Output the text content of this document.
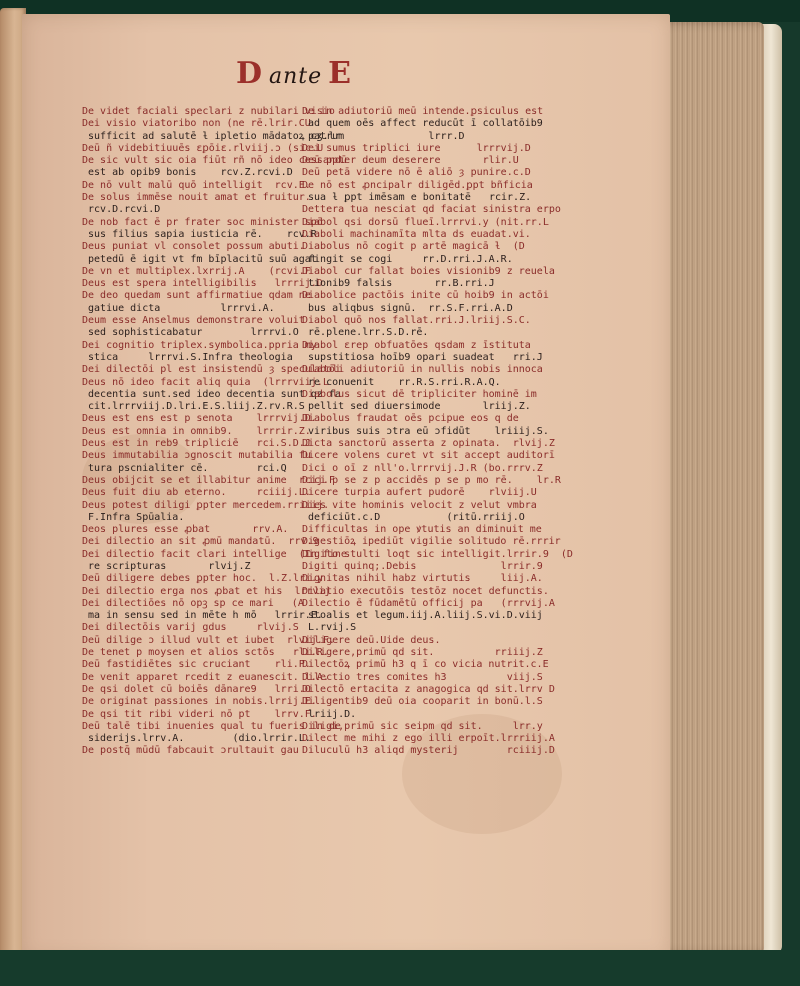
D ante E
De videt faciali speclari z nubilari visio
Dei visio viatoribo non (ne rē.lrir.CU
sufficit ad salutē ƚ ipletio mādatoꝝ cʒ.lr
Deū ñ videbitiuuēs ɛꝑōiɛ.rlviij.ɔ (sic.U
De sic vult sic oia fiūt rñ nō ideo cessandū
est ab opib9 bonis    rcv.Z.rcvi.D
De nō vult malū quō intelligit  rcv.E.
De solus immēse nouit amat et fruitur.
rcv.D.rcvi.D
De nob fact ē pr frater soc minister spō
sus filius sapia iusticia rē.    rcv.R
Deus puniat vl consolet possum abuti.
petedū ē igit vt fm bīplacitū suū agat
De vn et multiplex.lxrrij.A    (rcvi.F
Deus est spera intelligibilis   lrrrij.D
De deo quedam sunt affirmatiue qdam ne
gatiue dicta          lrrrvi.A.
Deum esse Anselmus demonstrare voluit
sed sophisticabatur        lrrrvi.O
Dei cognitio triplex.symbolica.ppria my
stica     lrrrvi.S.Infra theologia
Dei dilectōi pl est insistendū ȝ speculatōi
Deus nō ideo facit aliq quia  (lrrrviij.L
decentia sunt.sed ideo decentia sunt qz fa
cit.lrrrviij.D.lri.E.S.liij.Z.rv.R.S
Deus est ens est p senota    lrrrvij.D.
Deus est omnia in omnib9.    lrrrir.Z.
Deus est in reb9 tripliciē   rci.S.D.J
Deus immutabilia ɔgnoscit mutabilia fu
tura pscnialiter cē.        rci.Q
Deus obijcit se et illabitur anime  rcij.F
Deus fuit diu ab eterno.     rciiij.L.
Deus potest diligi ꝑpter mercedem.rriiij.
F.Infra Spūalia.
Deos plures esse ꝓbat       rrv.A.
Dei dilectio an sit ꝓmū mandatū.  rrv.9
Dei dilectio facit clari intellige  (In fine
re scripturas       rlvij.Z
Deū diligere debes ꝑpter hoc.  l.Z.lri.y
Dei dilectio erga nos ꝓbat et his  lrrvij
Dei dilectiōes nō opꝫ sp ce mari   (A
ma in sensu sed in mēte h mō   lrrir.E.
Dei dilectōis varij gdus     rlvij.S
Deū dilige ɔ illud vult et iubet  rlvij.F.
De tenet p moysen et alios sctōs   rli.R.
Deū fastidiētes sic cruciant    rli.P.
De venit apparet rcedit z euanescit. l.A.
De qsi dolet cū boiēs dānare9   lrri.O
De originat passiones in nobis.lrrij.E.
De qsi tit ribi videri nō pt    lrrv.F.
Deū talē tibi inuenies qual tu fueris in de
siderijs.lrrv.A.        (dio.lrrir.L.
De postq̄ mūdū fabcauit ɔrultauit gau
De in adiutoriū meū intende.ꝑsiculus est
ad quem oēs affect reducūt ī collatōib9
patrum              lrrr.D
Dei sumus triplici iure      lrrrvij.D
Deū ppter deum deserere       rlir.U
Deū petā videre nō ē aliō ȝ punire.c.D
De nō est ꝓncipalr diligēd.ꝑpt bñficia
sua ƚ ꝑpt imēsam e bonitatē   rcir.Z.
Dettera tua nesciat qd faciat sinistra erpo
Diabol qsi dorsū flueī.lrrrvi.y (nit.rr.L
Diaboli machinamīta mlta ds euadat.vi.
Diabolus nō cogit p artē magicā ƚ  (D
fingit se cogi     rr.D.rri.J.A.R.
Diabol cur fallat boies visionib9 z reuela
tionib9 falsis       rr.B.rri.J
Diabolice pactōis inite cū hoib9 in actōi
bus aliqbus signū.  rr.S.F.rri.A.D
Diabol quō nos fallat.rri.J.lriij.S.C.
rē.plene.lrr.S.D.rē.
Diabol ɛrep obfuatōes qsdam z īstituta
supstitiosa hoīb9 opari suadeat   rri.J
Diaboli adiutoriū in nullis nobis innoca
re conuenit    rr.R.S.rri.R.A.Q.
Diabolus sicut dē tripliciter hominē im
pellit sed diuersimode       lriij.Z.
Diabolus fraudat oēs pcipue eos q de
viribus suis ɔtra eū ɔfidūt    lriiij.S.
Dicta sanctorū asserta z opinata.  rlvij.Z
Dicere volens curet vt sit accept auditorī
Dici o oī z nll'o.lrrrvij.J.R (bo.rrrv.Z
Dici p se z p accidēs p se p mo rē.    lr.R
Dicere turpia aufert pudorē    rlviij.U
Dies vite hominis velocit z velut vmbra
deficiūt.c.D           (ritū.rriij.O
Difficultas in ope ꝟtutis an diminuit me
Digestiōꝝ ipediūt vigilie solitudo rē.rrrir
Digito stulti loqt sic intelligit.lrrir.9  (D
Digiti quinq;.Debis              lrrir.9
Dignitas nihil habz virtutis     liij.A.
Dilatio executōis testōz nocet defunctis.
Dilectio ē fūdamētū officij pa   (rrrvij.A
stoalis et legum.iij.A.liij.S.vi.D.viij
L.rvij.S
Diligere deū.Uide deus.
Diligere,primū qd sit.          rriiij.Z
Dilectōꝝ primū h3 q ī co vicia nutrit.c.E
Dilectio tres comites h3          viij.S
Dilectō ertacita z anagogica qd sit.lrrv D
Diligentib9 deū oia cooparit in bonū.l.S
lriij.D.
Diligi,primū sic seipm qd sit.     lrr.y
Dilect me mihi z ego illi erpoīt.lrrriij.A
Diluculū h3 aliqd mysterij        rciiij.D
